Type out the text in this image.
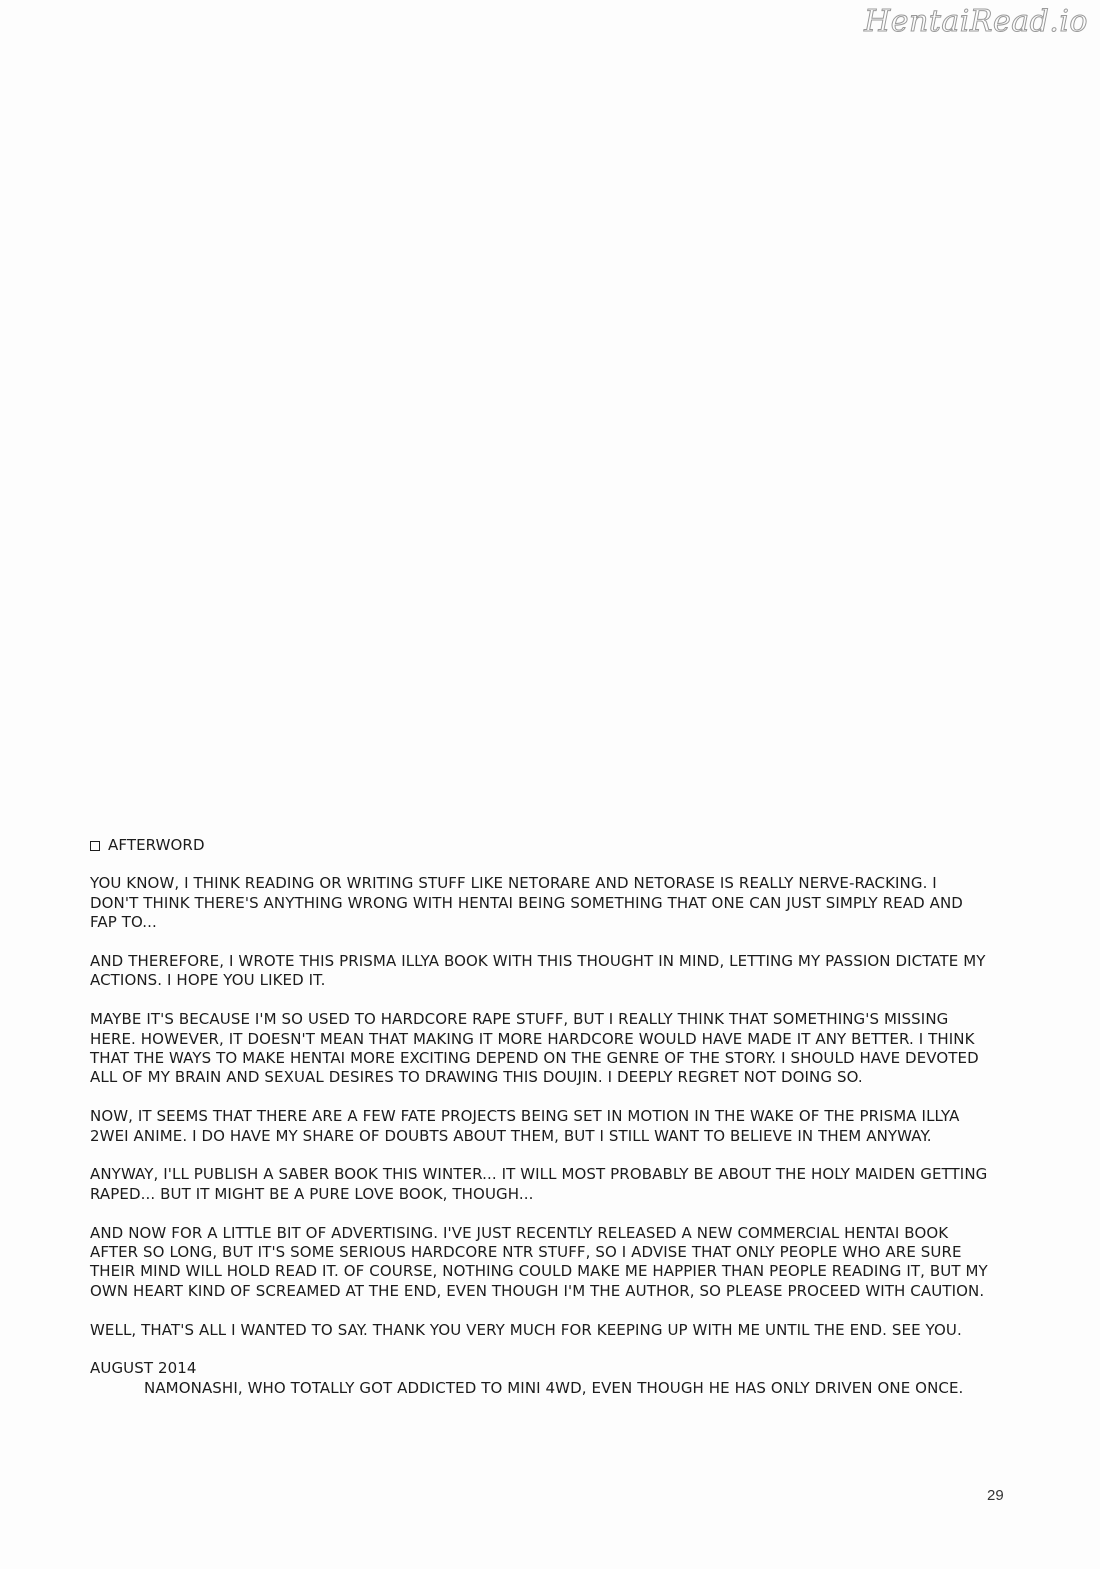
HentaiRead.io
AFTERWORD

YOU KNOW, I THINK READING OR WRITING STUFF LIKE NETORARE AND NETORASE IS REALLY NERVE-RACKING. I DON'T THINK THERE'S ANYTHING WRONG WITH HENTAI BEING SOMETHING THAT ONE CAN JUST SIMPLY READ AND FAP TO...

AND THEREFORE, I WROTE THIS PRISMA ILLYA BOOK WITH THIS THOUGHT IN MIND, LETTING MY PASSION DICTATE MY ACTIONS. I HOPE YOU LIKED IT.

MAYBE IT'S BECAUSE I'M SO USED TO HARDCORE RAPE STUFF, BUT I REALLY THINK THAT SOMETHING'S MISSING HERE. HOWEVER, IT DOESN'T MEAN THAT MAKING IT MORE HARDCORE WOULD HAVE MADE IT ANY BETTER. I THINK THAT THE WAYS TO MAKE HENTAI MORE EXCITING DEPEND ON THE GENRE OF THE STORY. I SHOULD HAVE DEVOTED ALL OF MY BRAIN AND SEXUAL DESIRES TO DRAWING THIS DOUJIN. I DEEPLY REGRET NOT DOING SO.

NOW, IT SEEMS THAT THERE ARE A FEW FATE PROJECTS BEING SET IN MOTION IN THE WAKE OF THE PRISMA ILLYA 2WEI ANIME. I DO HAVE MY SHARE OF DOUBTS ABOUT THEM, BUT I STILL WANT TO BELIEVE IN THEM ANYWAY.

ANYWAY, I'LL PUBLISH A SABER BOOK THIS WINTER... IT WILL MOST PROBABLY BE ABOUT THE HOLY MAIDEN GETTING RAPED... BUT IT MIGHT BE A PURE LOVE BOOK, THOUGH...

AND NOW FOR A LITTLE BIT OF ADVERTISING. I'VE JUST RECENTLY RELEASED A NEW COMMERCIAL HENTAI BOOK AFTER SO LONG, BUT IT'S SOME SERIOUS HARDCORE NTR STUFF, SO I ADVISE THAT ONLY PEOPLE WHO ARE SURE THEIR MIND WILL HOLD READ IT. OF COURSE, NOTHING COULD MAKE ME HAPPIER THAN PEOPLE READING IT, BUT MY OWN HEART KIND OF SCREAMED AT THE END, EVEN THOUGH I'M THE AUTHOR, SO PLEASE PROCEED WITH CAUTION.

WELL, THAT'S ALL I WANTED TO SAY. THANK YOU VERY MUCH FOR KEEPING UP WITH ME UNTIL THE END. SEE YOU.

AUGUST 2014

NAMONASHI, WHO TOTALLY GOT ADDICTED TO MINI 4WD, EVEN THOUGH HE HAS ONLY DRIVEN ONE ONCE.

29
